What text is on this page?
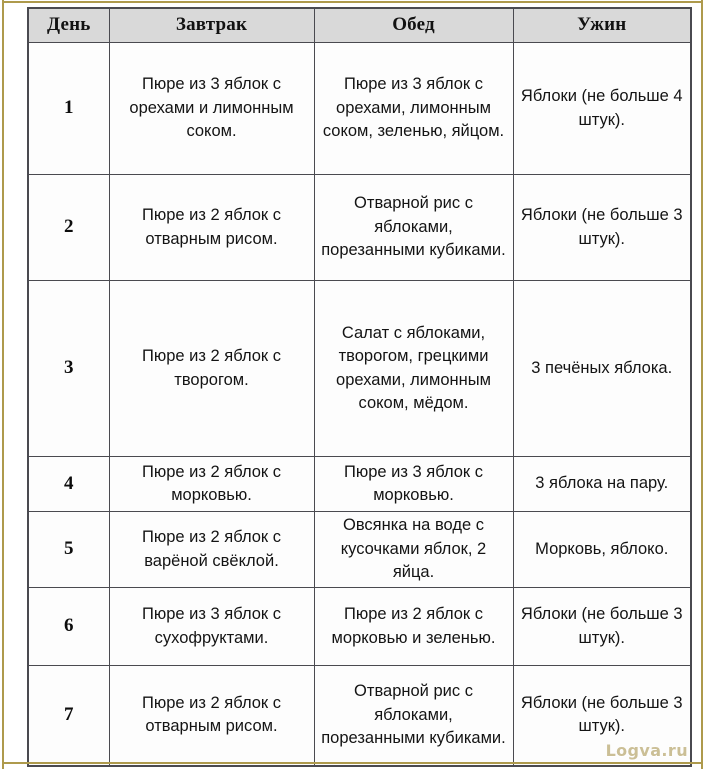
День	Завтрак	Обед	Ужин
1	Пюре из 3 яблок с орехами и лимонным соком.	Пюре из 3 яблок с орехами, лимонным соком, зеленью, яйцом.	Яблоки (не больше 4 штук).
2	Пюре из 2 яблок с отварным рисом.	Отварной рис с яблоками, порезанными кубиками.	Яблоки (не больше 3 штук).
3	Пюре из 2 яблок с творогом.	Салат с яблоками, творогом, грецкими орехами, лимонным соком, мёдом.	3 печёных яблока.
4	Пюре из 2 яблок с морковью.	Пюре из 3 яблок с морковью.	3 яблока на пару.
5	Пюре из 2 яблок с варёной свёклой.	Овсянка на воде с кусочками яблок, 2 яйца.	Морковь, яблоко.
6	Пюре из 3 яблок с сухофруктами.	Пюре из 2 яблок с морковью и зеленью.	Яблоки (не больше 3 штук).
7	Пюре из 2 яблок с отварным рисом.	Отварной рис с яблоками, порезанными кубиками.	Яблоки (не больше 3 штук).
Logva.ru
